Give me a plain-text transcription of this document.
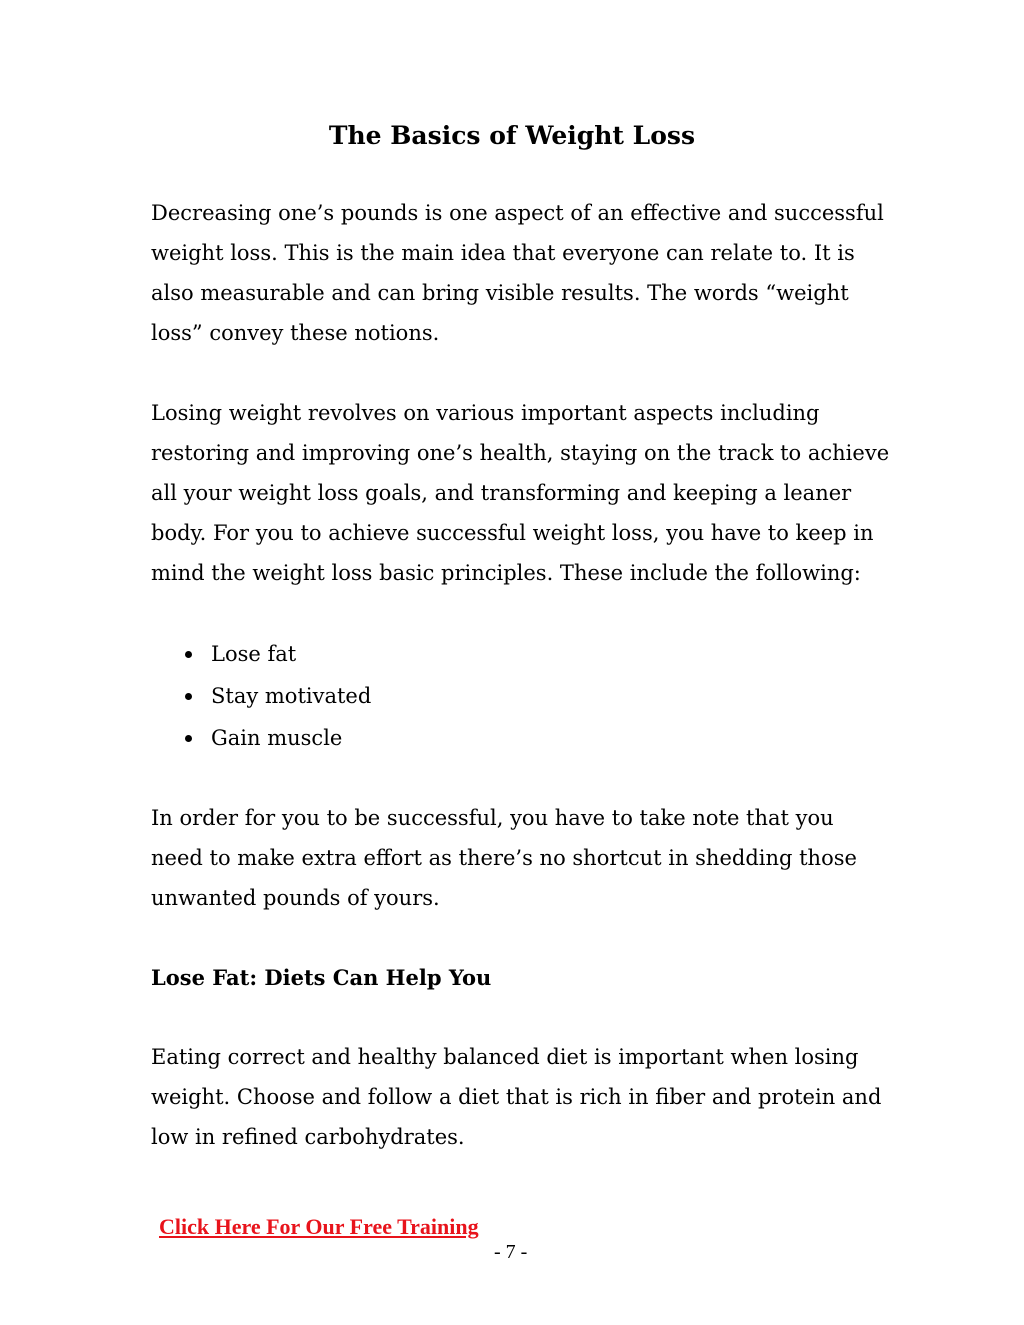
The Basics of Weight Loss

Decreasing one’s pounds is one aspect of an effective and successful weight loss. This is the main idea that everyone can relate to. It is also measurable and can bring visible results. The words “weight loss” convey these notions.

Losing weight revolves on various important aspects including restoring and improving one’s health, staying on the track to achieve all your weight loss goals, and transforming and keeping a leaner body. For you to achieve successful weight loss, you have to keep in mind the weight loss basic principles. These include the following:

Lose fat
Stay motivated
Gain muscle

In order for you to be successful, you have to take note that you need to make extra effort as there’s no shortcut in shedding those unwanted pounds of yours.

Lose Fat: Diets Can Help You

Eating correct and healthy balanced diet is important when losing weight. Choose and follow a diet that is rich in fiber and protein and low in refined carbohydrates.

Click Here For Our Free Training
- 7 -
